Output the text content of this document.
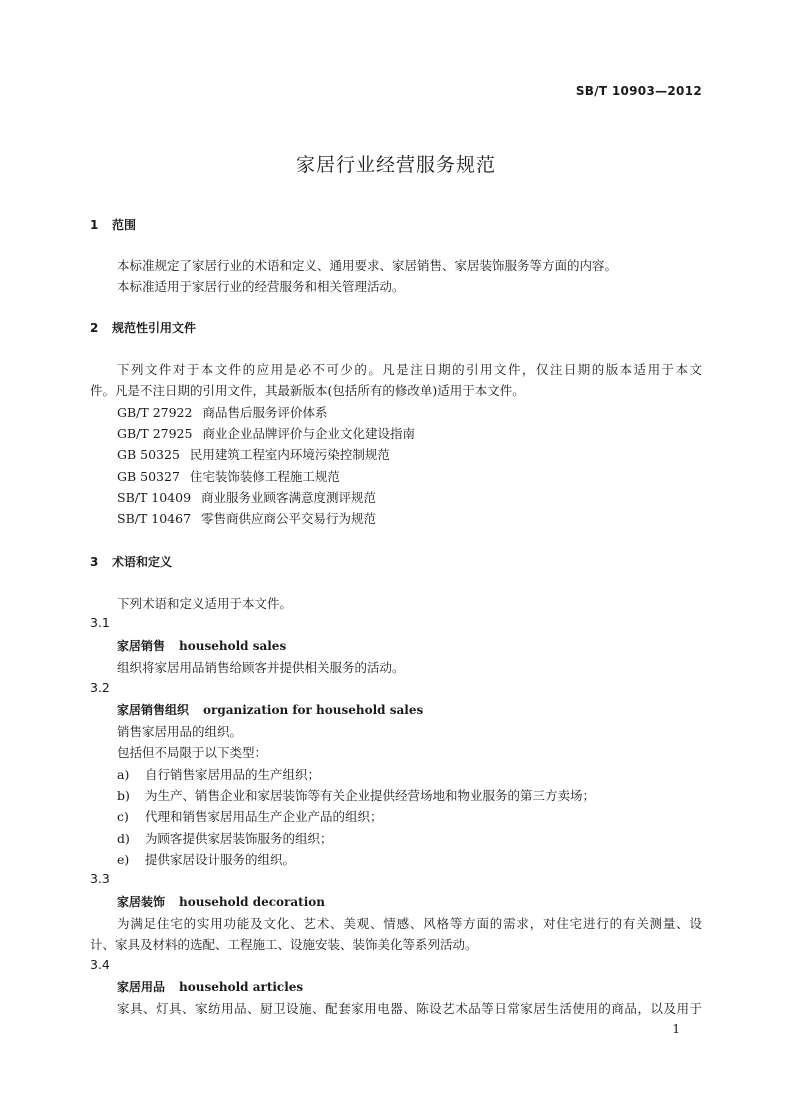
SB/T 10903—2012
家居行业经营服务规范
1 范围
本标准规定了家居行业的术语和定义、通用要求、家居销售、家居装饰服务等方面的内容。
本标准适用于家居行业的经营服务和相关管理活动。
2 规范性引用文件
下列文件对于本文件的应用是必不可少的。凡是注日期的引用文件，仅注日期的版本适用于本文
件。凡是不注日期的引用文件，其最新版本(包括所有的修改单)适用于本文件。
GB/T 27922 商品售后服务评价体系
GB/T 27925 商业企业品牌评价与企业文化建设指南
GB 50325 民用建筑工程室内环境污染控制规范
GB 50327 住宅装饰装修工程施工规范
SB/T 10409 商业服务业顾客满意度测评规范
SB/T 10467 零售商供应商公平交易行为规范
3 术语和定义
下列术语和定义适用于本文件。
3.1
家居销售 household sales
组织将家居用品销售给顾客并提供相关服务的活动。
3.2
家居销售组织 organization for household sales
销售家居用品的组织。
包括但不局限于以下类型：
a) 自行销售家居用品的生产组织；
b) 为生产、销售企业和家居装饰等有关企业提供经营场地和物业服务的第三方卖场；
c) 代理和销售家居用品生产企业产品的组织；
d) 为顾客提供家居装饰服务的组织；
e) 提供家居设计服务的组织。
3.3
家居装饰 household decoration
为满足住宅的实用功能及文化、艺术、美观、情感、风格等方面的需求，对住宅进行的有关测量、设
计、家具及材料的选配、工程施工、设施安装、装饰美化等系列活动。
3.4
家居用品 household articles
家具、灯具、家纺用品、厨卫设施、配套家用电器、陈设艺术品等日常家居生活使用的商品，以及用于
1
